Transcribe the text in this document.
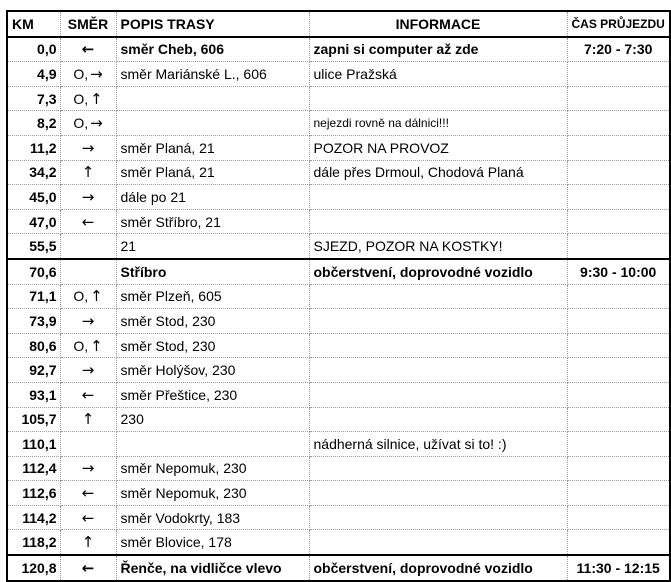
KM	SMĚR	POPIS TRASY	INFORMACE	ČAS PRŮJEZDU
0,0	←	směr Cheb, 606	zapni si computer až zde	7:20 - 7:30
4,9	O, →	směr Mariánské L., 606	ulice Pražská	
7,3	O, ↑			

8,2	O, →		nejezdi rovně na dálnici!!!	
11,2	→	směr Planá, 21	POZOR NA PROVOZ	
34,2	↑	směr Planá, 21	dále přes Drmoul, Chodová Planá	
45,0	→	dále po 21		
47,0	←	směr Stříbro, 21		
55,5		21	SJEZD, POZOR NA KOSTKY!	
70,6		Stříbro	občerstvení, doprovodné vozidlo	9:30 - 10:00
71,1	O, ↑	směr Plzeň, 605		
73,9	→	směr Stod, 230		
80,6	O, ↑	směr Stod, 230		
92,7	→	směr Holýšov, 230		
93,1	←	směr Přeštice, 230		
105,7	↑	230		
110,1			nádherná silnice, užívat si to! :)	
112,4	→	směr Nepomuk, 230		
112,6	←	směr Nepomuk, 230		
114,2	←	směr Vodokrty, 183		
118,2	↑	směr Blovice, 178		
120,8	←	Řenče, na vidličce vlevo	občerstvení, doprovodné vozidlo	11:30 - 12:15
